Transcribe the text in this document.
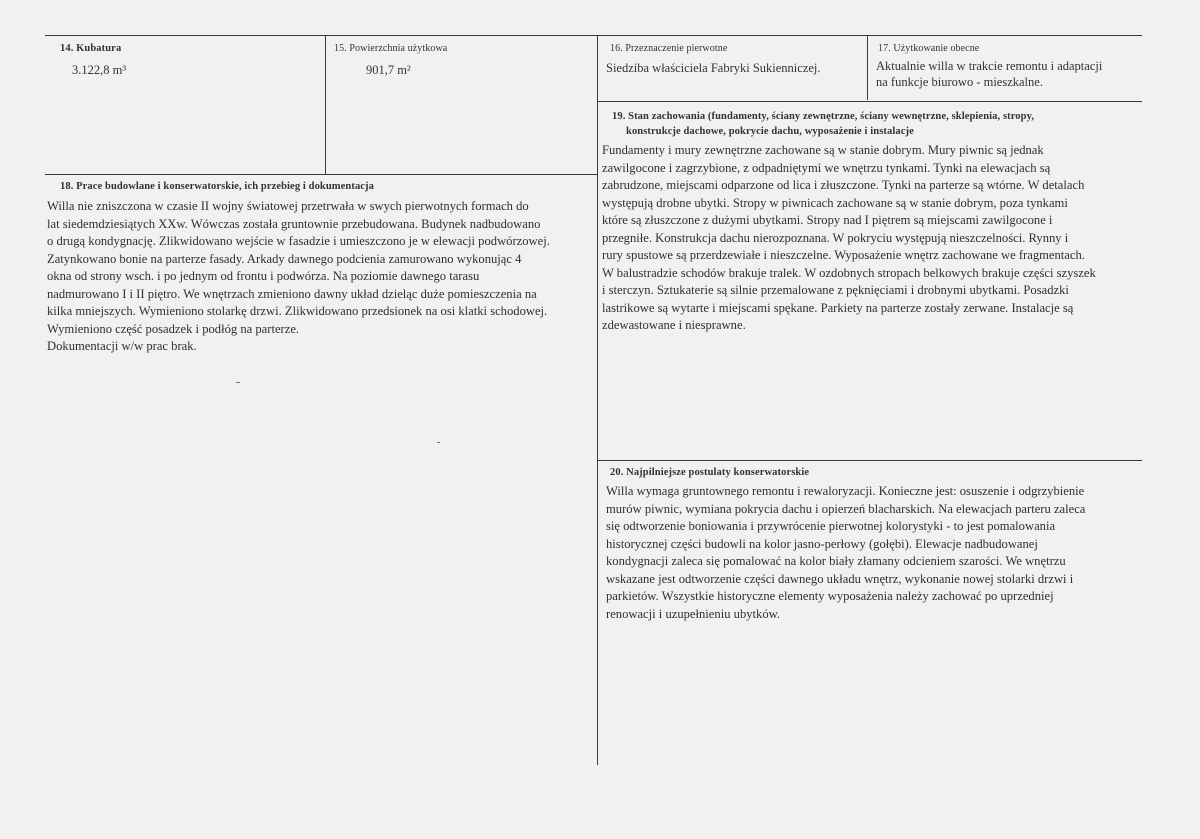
14. Kubatura
3.122,8 m³
15. Powierzchnia użytkowa
901,7 m²
16. Przeznaczenie pierwotne
Siedziba właściciela Fabryki Sukienniczej.
17. Użytkowanie obecne
Aktualnie willa w trakcie remontu i adaptacji
na funkcje biurowo - mieszkalne.
18. Prace budowlane i konserwatorskie, ich przebieg i dokumentacja

Willa nie zniszczona w czasie II wojny światowej przetrwała w swych pierwotnych formach do

lat siedemdziesiątych XXw. Wówczas została gruntownie przebudowana. Budynek nadbudowano

o drugą kondygnację. Zlikwidowano wejście w fasadzie i umieszczono je w elewacji podwórzowej.

Zatynkowano bonie na parterze fasady. Arkady dawnego podcienia zamurowano wykonując 4

okna od strony wsch. i po jednym od frontu i podwórza. Na poziomie dawnego tarasu

nadmurowano I i II piętro. We wnętrzach zmieniono dawny układ dzieląc duże pomieszczenia na

kilka mniejszych. Wymieniono stolarkę drzwi. Zlikwidowano przedsionek na osi klatki schodowej.

Wymieniono część posadzek i podłóg na parterze.

Dokumentacji w/w prac brak.

19. Stan zachowania (fundamenty, ściany zewnętrzne, ściany wewnętrzne, sklepienia, stropy,
konstrukcje dachowe, pokrycie dachu, wyposażenie i instalacje

Fundamenty i mury zewnętrzne zachowane są w stanie dobrym. Mury piwnic są jednak

zawilgocone i zagrzybione, z odpadniętymi we wnętrzu tynkami. Tynki na elewacjach są

zabrudzone, miejscami odparzone od lica i złuszczone. Tynki na parterze są wtórne. W detalach

występują drobne ubytki. Stropy w piwnicach zachowane są w stanie dobrym, poza tynkami

które są złuszczone z dużymi ubytkami. Stropy nad I piętrem są miejscami zawilgocone i

przegniłe. Konstrukcja dachu nierozpoznana. W pokryciu występują nieszczelności. Rynny i

rury spustowe są przerdzewiałe i nieszczelne. Wyposażenie wnętrz zachowane we fragmentach.

W balustradzie schodów brakuje tralek. W ozdobnych stropach belkowych brakuje części szyszek

i sterczyn. Sztukaterie są silnie przemalowane z pęknięciami i drobnymi ubytkami. Posadzki

lastrikowe są wytarte i miejscami spękane. Parkiety na parterze zostały zerwane. Instalacje są

zdewastowane i niesprawne.

20. Najpilniejsze postulaty konserwatorskie

Willa wymaga gruntownego remontu i rewaloryzacji. Konieczne jest: osuszenie i odgrzybienie

murów piwnic, wymiana pokrycia dachu i opierzeń blacharskich. Na elewacjach parteru zaleca

się odtworzenie boniowania i przywrócenie pierwotnej kolorystyki - to jest pomalowania

historycznej części budowli na kolor jasno-perłowy (gołębi). Elewacje nadbudowanej

kondygnacji zaleca się pomalować na kolor biały złamany odcieniem szarości. We wnętrzu

wskazane jest odtworzenie części dawnego układu wnętrz, wykonanie nowej stolarki drzwi i

parkietów. Wszystkie historyczne elementy wyposażenia należy zachować po uprzedniej

renowacji i uzupełnieniu ubytków.
